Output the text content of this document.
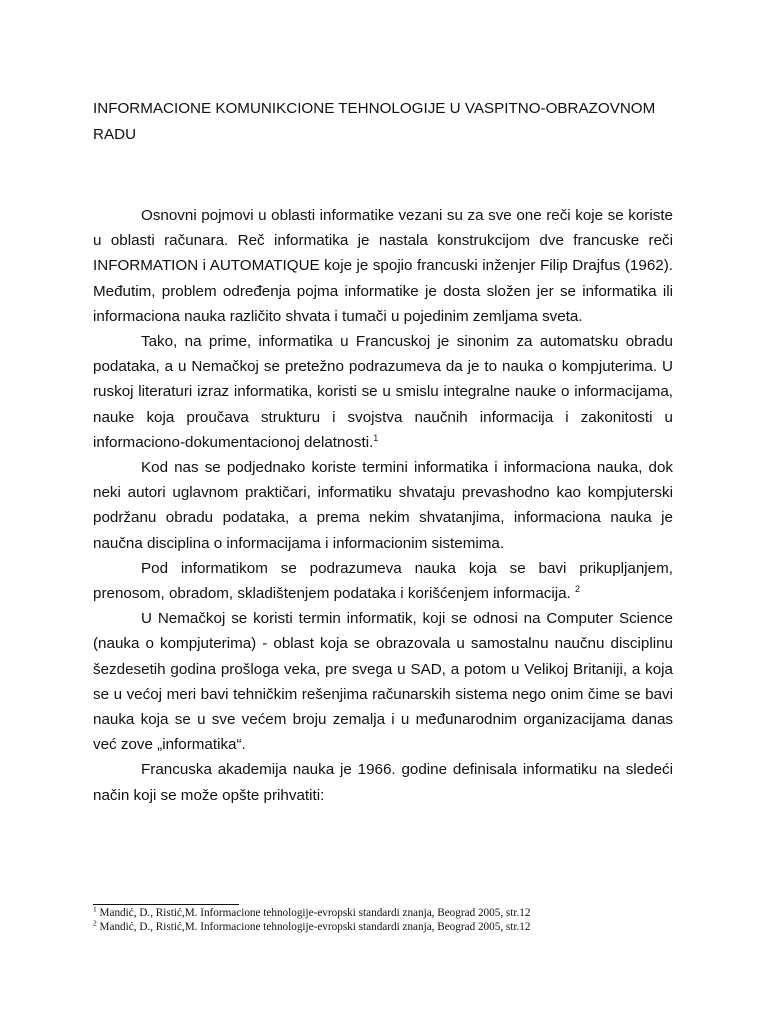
INFORMACIONE KOMUNIKCIONE TEHNOLOGIJE U VASPITNO-OBRAZOVNOM RADU

Osnovni pojmovi u oblasti informatike vezani su za sve one reči koje se koriste u oblasti računara. Reč informatika je nastala konstrukcijom dve francuske reči INFORMATION i AUTOMATIQUE koje je spojio francuski inženjer Filip Drajfus (1962). Međutim, problem određenja pojma informatike je dosta složen jer se informatika ili informaciona nauka različito shvata i tumači u pojedinim zemljama sveta.

Tako, na prime, informatika u Francuskoj je sinonim za automatsku obradu podataka, a u Nemačkoj se pretežno podrazumeva da je to nauka o kompjuterima. U ruskoj literaturi izraz informatika, koristi se u smislu integralne nauke o informacijama, nauke koja proučava strukturu i svojstva naučnih informacija i zakonitosti u informaciono-dokumentacionoj delatnosti.$^1$

Kod nas se podjednako koriste termini informatika i informaciona nauka, dok neki autori uglavnom praktičari, informatiku shvataju prevashodno kao kompjuterski podržanu obradu podataka, a prema nekim shvatanjima, informaciona nauka je naučna disciplina o informacijama i informacionim sistemima.

Pod informatikom se podrazumeva nauka koja se bavi prikupljanjem, prenosom, obradom, skladištenjem podataka i korišćenjem informacija. $^2$

U Nemačkoj se koristi termin informatik, koji se odnosi na Computer Science (nauka o kompjuterima) - oblast koja se obrazovala u samostalnu naučnu disciplinu šezdesetih godina prošloga veka, pre svega u SAD, a potom u Velikoj Britaniji, a koja se u većoj meri bavi tehničkim rešenjima računarskih sistema nego onim čime se bavi nauka koja se u sve većem broju zemalja i u međunarodnim organizacijama danas već zove „informatika“.

Francuska akademija nauka je 1966. godine definisala informatiku na sledeći način koji se može opšte prihvatiti:

$^1$ Mandić, D., Ristić,M. Informacione tehnologije-evropski standardi znanja, Beograd 2005, str.12

$^2$ Mandić, D., Ristić,M. Informacione tehnologije-evropski standardi znanja, Beograd 2005, str.12
